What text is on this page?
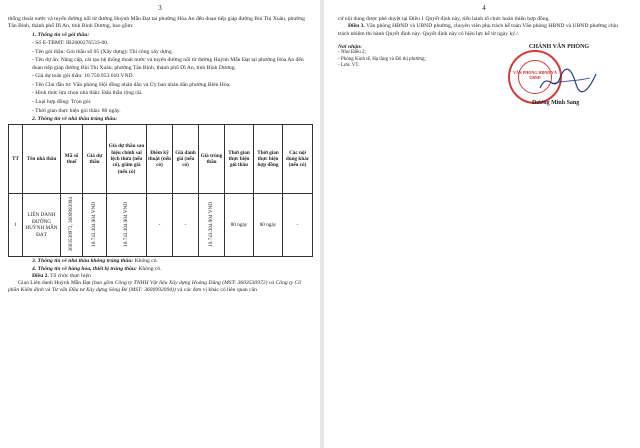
3

thống thoát nước và tuyến đường nối từ đường Huỳnh Mẫn Đạt tại phường Hòa An đến đoạn tiếp giáp đường Bùi Thị Xuân, phường Tân Bình, thành phố Dĩ An, tỉnh Bình Dương, bao gồm:

1. Thông tin về gói thầu:

- Số E-TBMT: IB2600276533-00.
- Tên gói thầu: Gói thầu số 05 (Xây dựng): Thi công xây dựng.
- Tên dự án: Nâng cấp, cải tạo hệ thống thoát nước và tuyến đường nối từ đường Huỳnh Mẫn Đạt tại phường Hòa An đến đoạn tiếp giáp đường Bùi Thị Xuân, phường Tân Bình, thành phố Dĩ An, tỉnh Bình Dương.
- Giá dự toán gói thầu: 10.750.953.610 VND.
- Tên Chủ đầu tư: Văn phòng Hội đồng nhân dân và Ủy ban nhân dân phường Biên Hòa.
- Hình thức lựa chọn nhà thầu: Đấu thầu rộng rãi.
- Loại hợp đồng: Trọn gói.
- Thời gian thực hiện gói thầu: 80 ngày.

2. Thông tin về nhà thầu trúng thầu:

TT	Tên nhà thầu	Mã số thuế	Giá dự thầu	Giá dự thầu sau hiệu chỉnh sai lệch thừa (nếu có), giảm giá (nếu có)	Điểm kỹ thuật (nếu có)	Giá đánh giá (nếu có)	Giá trúng thầu	Thời gian thực hiện gói thầu	Thời gian thực hiện hợp đồng	Các nội dung khác (nếu có)
1	LIÊN DANH ĐƯỜNG HUỲNH MẪN ĐẠT	3603530972, 3600992094	10.743.304.904 VND	10.743.304.904 VND	-	-	10.743.304.904 VND	80 ngày	80 ngày	-

3. Thông tin về nhà thầu không trúng thầu: Không có.

4. Thông tin về hàng hóa, thiết bị trúng thầu: Không có.

Điều 2. Tổ chức thực hiện

Giao Liên danh Huỳnh Mẫn Đạt (bao gồm Công ty TNHH Vật liệu Xây dựng Hoàng Dũng (MST: 3603530972) và Công ty Cổ phần Kiểm định và Tư vấn Đầu tư Xây dựng Sông Bé (MST: 3600992094)) và các đơn vị khác có liên quan căn

4

cứ nội dung được phê duyệt tại Điều 1 Quyết định này, tiến hành tổ chức hoàn thiện hợp đồng.

Điều 3. Văn phòng HĐND và UBND phường, chuyên viên phụ trách kế toán Văn phòng HĐND và UBND phường chịu trách nhiệm thi hành Quyết định này. Quyết định này có hiệu lực kể từ ngày ký./.

Nơi nhận:
- Như Điều 2;
- Phòng Kinh tế, Hạ tầng và Đô thị phường;
- Lưu: VT.
CHÁNH VĂN PHÒNG
VĂN PHÒNG HĐND VÀ UBND
Dương Minh Sang
